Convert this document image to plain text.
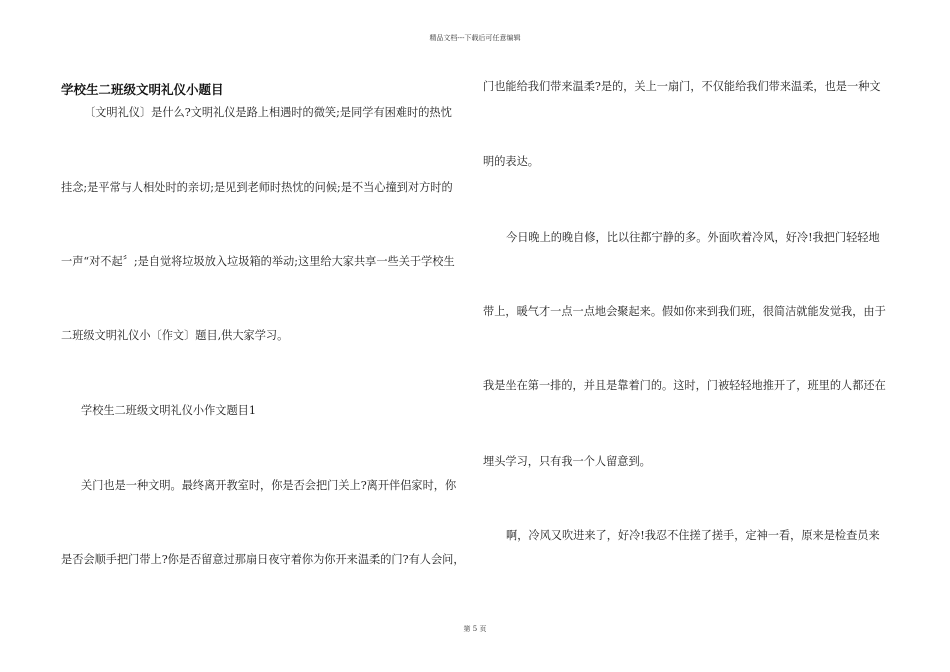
精品文档---下载后可任意编辑
学校生二班级文明礼仪小题目
〔文明礼仪〕是什么?文明礼仪是路上相遇时的微笑;是同学有困难时的热忱
挂念;是平常与人相处时的亲切;是见到老师时热忱的问候;是不当心撞到对方时的
一声“对不起〞;是自觉将垃圾放入垃圾箱的举动;这里给大家共享一些关于学校生
二班级文明礼仪小〔作文〕题目,供大家学习。
学校生二班级文明礼仪小作文题目1
关门也是一种文明。最终离开教室时，你是否会把门关上?离开伴侣家时，你
是否会顺手把门带上?你是否留意过那扇日夜守着你为你开来温柔的门?有人会问，
门也能给我们带来温柔?是的，关上一扇门，不仅能给我们带来温柔，也是一种文
明的表达。
今日晚上的晚自修，比以往都宁静的多。外面吹着冷风，好冷!我把门轻轻地
带上，暖气才一点一点地会聚起来。假如你来到我们班，很简洁就能发觉我，由于
我是坐在第一排的，并且是靠着门的。这时，门被轻轻地推开了，班里的人都还在
埋头学习，只有我一个人留意到。
啊，冷风又吹进来了，好冷!我忍不住搓了搓手，定神一看，原来是检查员来
第 5 页
